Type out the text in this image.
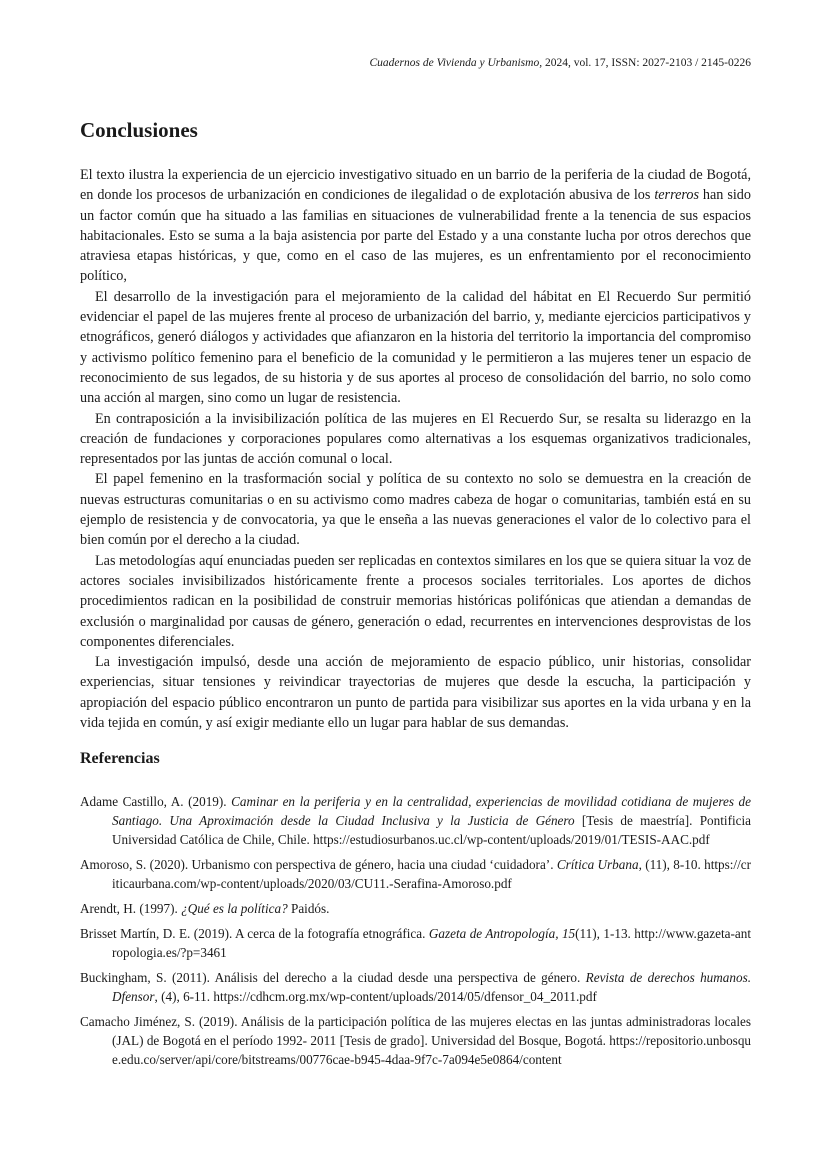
Cuadernos de Vivienda y Urbanismo, 2024, vol. 17, ISSN: 2027-2103 / 2145-0226
Conclusiones

El texto ilustra la experiencia de un ejercicio investigativo situado en un barrio de la periferia de la ciudad de Bogotá, en donde los procesos de urbanización en condiciones de ilegalidad o de explotación abusiva de los terreros han sido un factor común que ha situado a las familias en situaciones de vulnerabilidad frente a la tenencia de sus espacios habitacionales. Esto se suma a la baja asistencia por parte del Estado y a una constante lucha por otros derechos que atraviesa etapas históricas, y que, como en el caso de las mujeres, es un enfrentamiento por el reconocimiento político,

El desarrollo de la investigación para el mejoramiento de la calidad del hábitat en El Recuerdo Sur permitió evidenciar el papel de las mujeres frente al proceso de urbanización del barrio, y, mediante ejercicios participativos y etnográficos, generó diálogos y actividades que afianzaron en la historia del territorio la importancia del compromiso y activismo político femenino para el beneficio de la comunidad y le permitieron a las mujeres tener un espacio de reconocimiento de sus legados, de su historia y de sus aportes al proceso de consolidación del barrio, no solo como una acción al margen, sino como un lugar de resistencia.

En contraposición a la invisibilización política de las mujeres en El Recuerdo Sur, se resalta su liderazgo en la creación de fundaciones y corporaciones populares como alternativas a los esquemas organizativos tradicionales, representados por las juntas de acción comunal o local.

El papel femenino en la trasformación social y política de su contexto no solo se demuestra en la creación de nuevas estructuras comunitarias o en su activismo como madres cabeza de hogar o comunitarias, también está en su ejemplo de resistencia y de convocatoria, ya que le enseña a las nuevas generaciones el valor de lo colectivo para el bien común por el derecho a la ciudad.

Las metodologías aquí enunciadas pueden ser replicadas en contextos similares en los que se quiera situar la voz de actores sociales invisibilizados históricamente frente a procesos sociales territoriales. Los aportes de dichos procedimientos radican en la posibilidad de construir memorias históricas polifónicas que atiendan a demandas de exclusión o marginalidad por causas de género, generación o edad, recurrentes en intervenciones desprovistas de los componentes diferenciales.

La investigación impulsó, desde una acción de mejoramiento de espacio público, unir historias, consolidar experiencias, situar tensiones y reivindicar trayectorias de mujeres que desde la escucha, la participación y apropiación del espacio público encontraron un punto de partida para visibilizar sus aportes en la vida urbana y en la vida tejida en común, y así exigir mediante ello un lugar para hablar de sus demandas.

Referencias

Adame Castillo, A. (2019). Caminar en la periferia y en la centralidad, experiencias de movilidad cotidiana de mujeres de Santiago. Una Aproximación desde la Ciudad Inclusiva y la Justicia de Género [Tesis de maestría]. Pontificia Universidad Católica de Chile, Chile. https://estudiosurbanos.uc.cl/wp-content/uploads/2019/01/TESIS-AAC.pdf

Amoroso, S. (2020). Urbanismo con perspectiva de género, hacia una ciudad ‘cuidadora’. Crítica Urbana, (11), 8-10. https://criticaurbana.com/wp-content/uploads/2020/03/CU11.-Serafina-Amoroso.pdf

Arendt, H. (1997). ¿Qué es la política? Paidós.

Brisset Martín, D. E. (2019). A cerca de la fotografía etnográfica. Gazeta de Antropología, 15(11), 1-13. http://www.gazeta-antropologia.es/?p=3461

Buckingham, S. (2011). Análisis del derecho a la ciudad desde una perspectiva de género. Revista de derechos humanos. Dfensor, (4), 6-11. https://cdhcm.org.mx/wp-content/uploads/2014/05/dfensor_04_2011.pdf

Camacho Jiménez, S. (2019). Análisis de la participación política de las mujeres electas en las juntas administradoras locales (JAL) de Bogotá en el período 1992- 2011 [Tesis de grado]. Universidad del Bosque, Bogotá. https://repositorio.unbosque.edu.co/server/api/core/bitstreams/00776cae-b945-4daa-9f7c-7a094e5e0864/content
